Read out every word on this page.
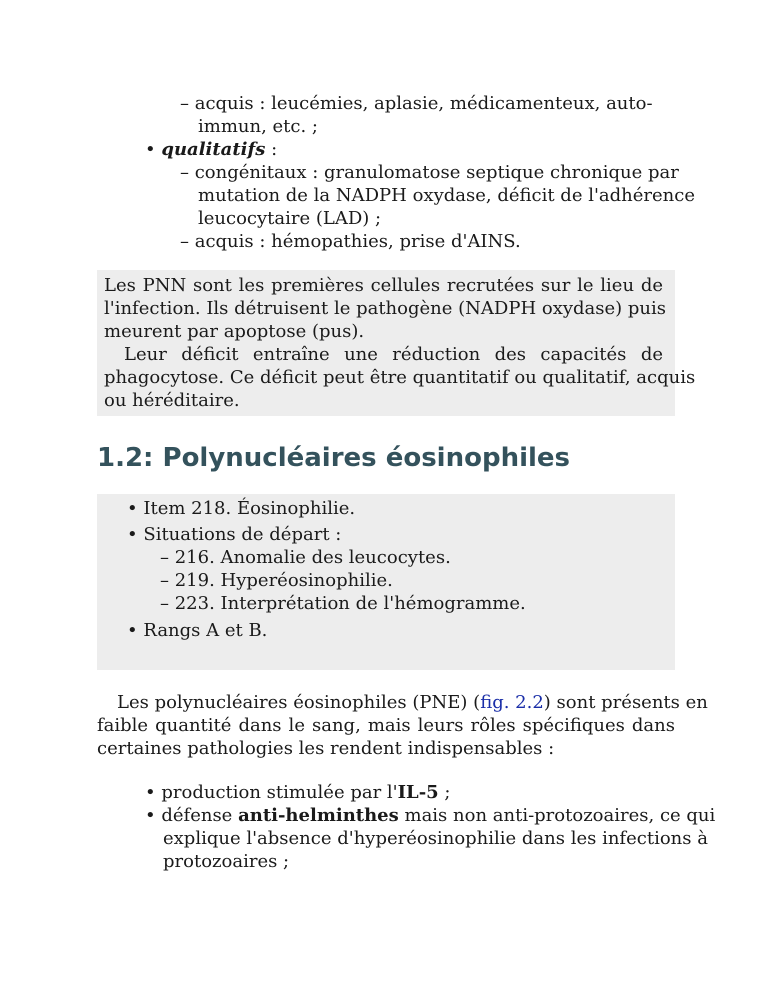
– acquis : leucémies, aplasie, médicamenteux, auto-
immun, etc. ;
• qualitatifs :
– congénitaux : granulomatose septique chronique par
mutation de la NADPH oxydase, déficit de l'adhérence
leucocytaire (LAD) ;
– acquis : hémopathies, prise d'AINS.
Les PNN sont les premières cellules recrutées sur le lieu de
l'infection. Ils détruisent le pathogène (NADPH oxydase) puis
meurent par apoptose (pus).
Leur déficit entraîne une réduction des capacités de
phagocytose. Ce déficit peut être quantitatif ou qualitatif, acquis
ou héréditaire.
1.2: Polynucléaires éosinophiles
• Item 218. Éosinophilie.
• Situations de départ :
– 216. Anomalie des leucocytes.
– 219. Hyperéosinophilie.
– 223. Interprétation de l'hémogramme.
• Rangs A et B.
Les polynucléaires éosinophiles (PNE) (fig. 2.2) sont présents en
faible quantité dans le sang, mais leurs rôles spécifiques dans
certaines pathologies les rendent indispensables :
• production stimulée par l'IL-5 ;
• défense anti-helminthes mais non anti-protozoaires, ce qui
explique l'absence d'hyperéosinophilie dans les infections à
protozoaires ;
